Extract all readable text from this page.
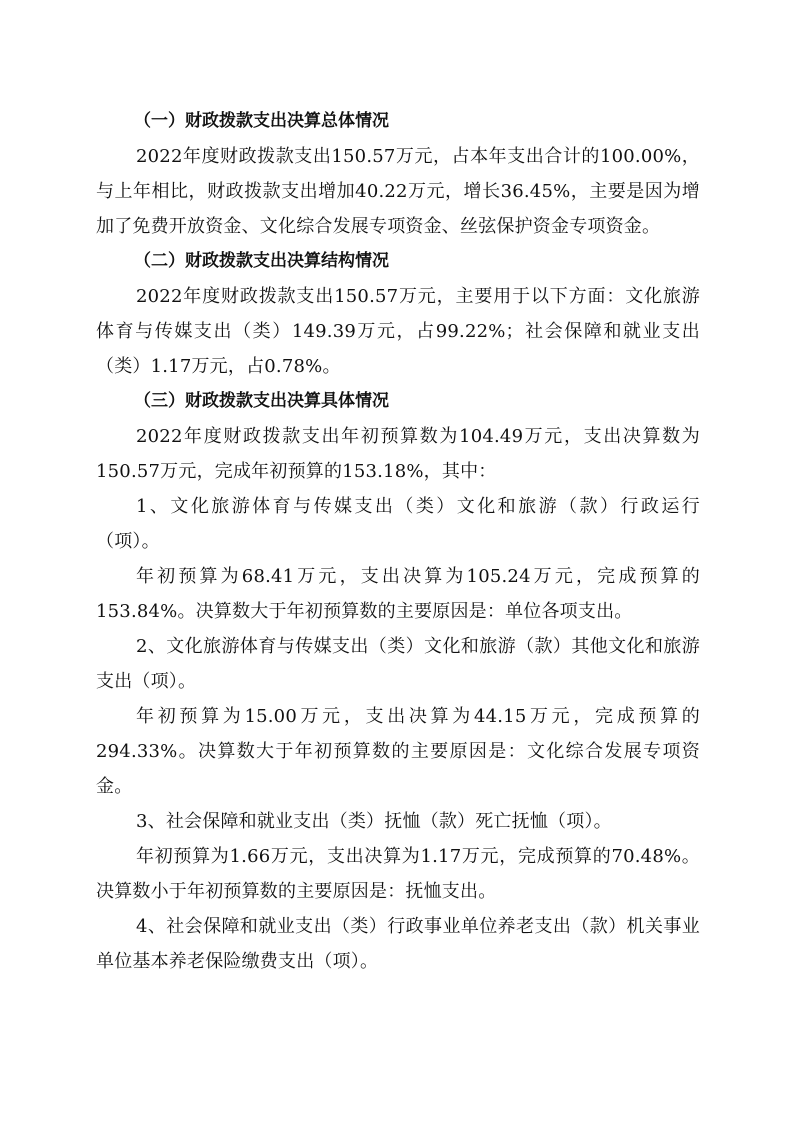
（一）财政拨款支出决算总体情况

2022年度财政拨款支出150.57万元，占本年支出合计的100.00%，与上年相比，财政拨款支出增加40.22万元，增长36.45%，主要是因为增加了免费开放资金、文化综合发展专项资金、丝弦保护资金专项资金。

（二）财政拨款支出决算结构情况

2022年度财政拨款支出150.57万元，主要用于以下方面：文化旅游体育与传媒支出（类）149.39万元，占99.22%；社会保障和就业支出（类）1.17万元，占0.78%。

（三）财政拨款支出决算具体情况

2022年度财政拨款支出年初预算数为104.49万元，支出决算数为150.57万元，完成年初预算的153.18%，其中：

1、文化旅游体育与传媒支出（类）文化和旅游（款）行政运行（项）。

年初预算为68.41万元，支出决算为105.24万元，完成预算的153.84%。决算数大于年初预算数的主要原因是：单位各项支出。

2、文化旅游体育与传媒支出（类）文化和旅游（款）其他文化和旅游支出（项）。

年初预算为15.00万元，支出决算为44.15万元，完成预算的294.33%。决算数大于年初预算数的主要原因是：文化综合发展专项资金。

3、社会保障和就业支出（类）抚恤（款）死亡抚恤（项）。

年初预算为1.66万元，支出决算为1.17万元，完成预算的70.48%。决算数小于年初预算数的主要原因是：抚恤支出。

4、社会保障和就业支出（类）行政事业单位养老支出（款）机关事业单位基本养老保险缴费支出（项）。
